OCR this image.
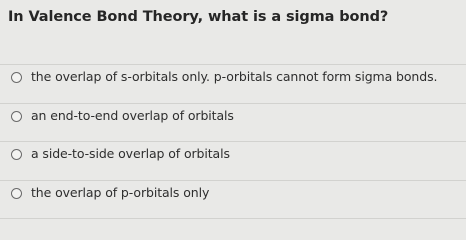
In Valence Bond Theory, what is a sigma bond?
the overlap of s-orbitals only. p-orbitals cannot form sigma bonds.
an end-to-end overlap of orbitals
a side-to-side overlap of orbitals
the overlap of p-orbitals only
